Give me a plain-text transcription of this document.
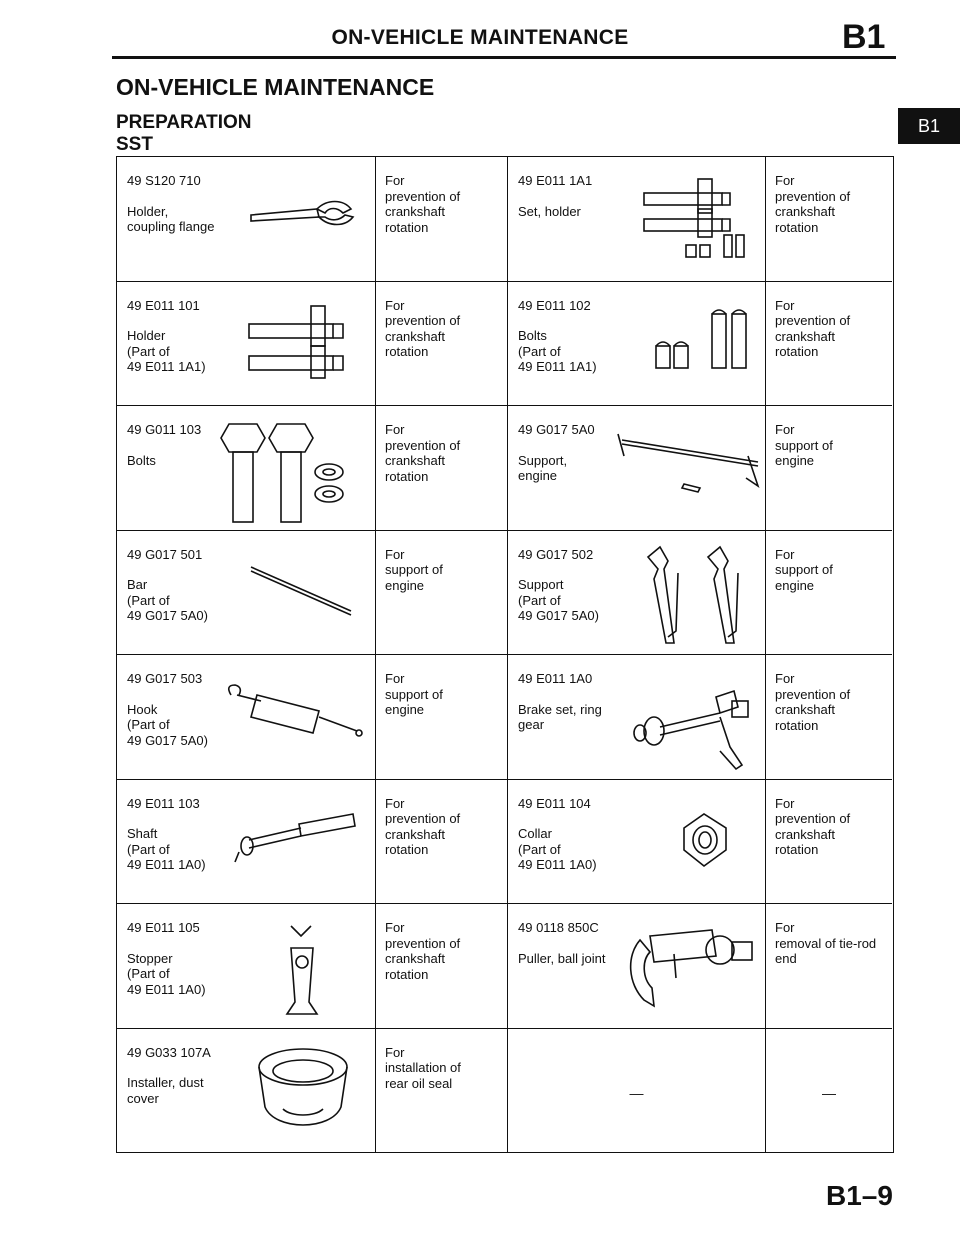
ON-VEHICLE MAINTENANCE	B1
B1
ON-VEHICLE MAINTENANCE
PREPARATION
SST
49 S120 710
Holder,
coupling flange
For
prevention of
crankshaft
rotation
49 E011 1A1
Set, holder
For
prevention of
crankshaft
rotation
49 E011 101
Holder
(Part of
49 E011 1A1)
For
prevention of
crankshaft
rotation
49 E011 102
Bolts
(Part of
49 E011 1A1)
For
prevention of
crankshaft
rotation
49 G011 103
Bolts
For
prevention of
crankshaft
rotation
49 G017 5A0
Support,
engine
For
support of
engine
49 G017 501
Bar
(Part of
49 G017 5A0)
For
support of
engine
49 G017 502
Support
(Part of
49 G017 5A0)
For
support of
engine
49 G017 503
Hook
(Part of
49 G017 5A0)
For
support of
engine
49 E011 1A0
Brake set, ring
gear
For
prevention of
crankshaft
rotation
49 E011 103
Shaft
(Part of
49 E011 1A0)
For
prevention of
crankshaft
rotation
49 E011 104
Collar
(Part of
49 E011 1A0)
For
prevention of
crankshaft
rotation
49 E011 105
Stopper
(Part of
49 E011 1A0)
For
prevention of
crankshaft
rotation
49 0118 850C
Puller, ball joint
For
removal of tie-rod
end
49 G033 107A
Installer, dust
cover
For
installation of
rear oil seal
—	—
B1–9
